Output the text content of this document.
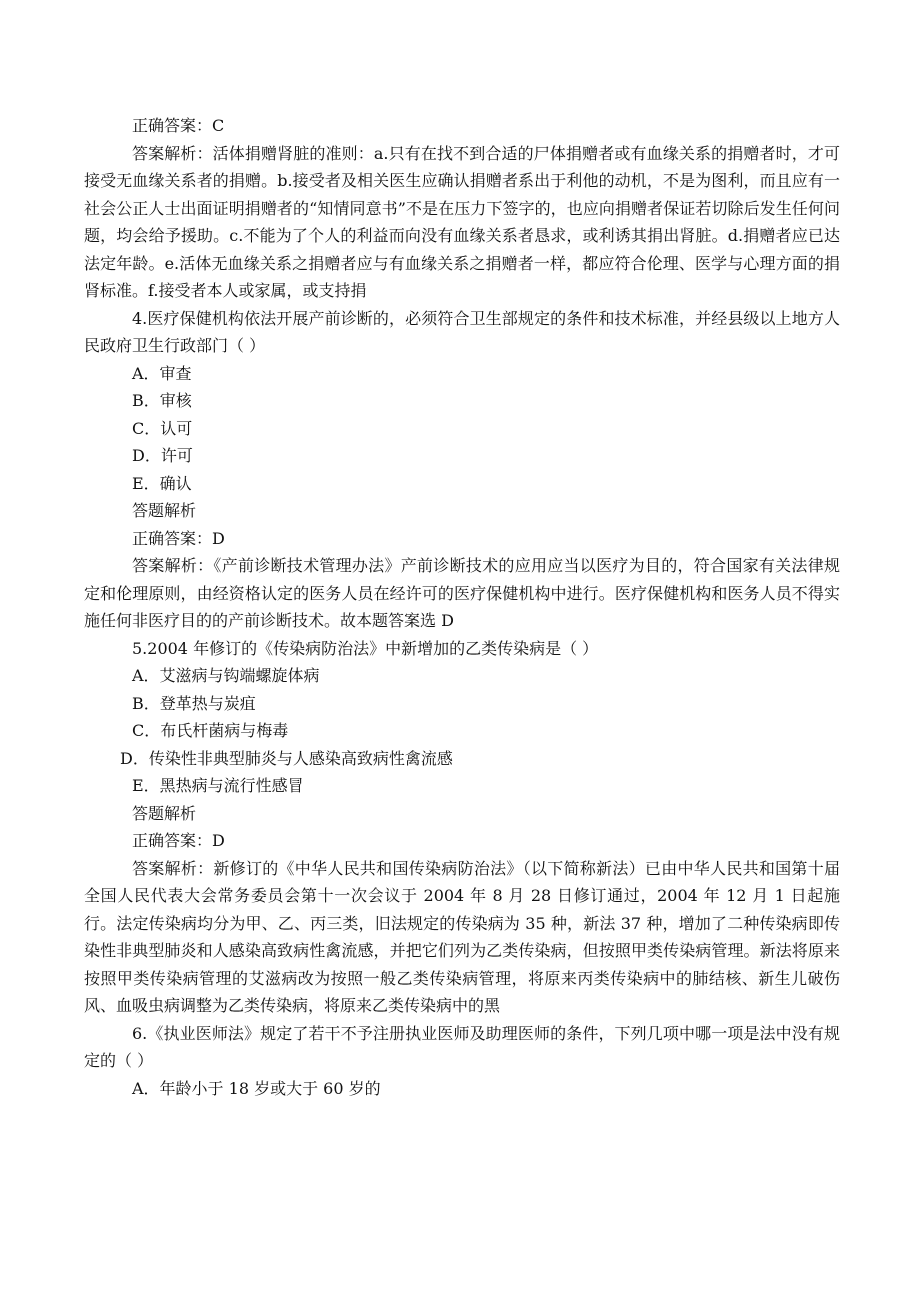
正确答案：C

答案解析：活体捐赠肾脏的准则：a.只有在找不到合适的尸体捐赠者或有血缘关系的捐赠者时，才可接受无血缘关系者的捐赠。b.接受者及相关医生应确认捐赠者系出于利他的动机，不是为图利，而且应有一社会公正人士出面证明捐赠者的“知情同意书”不是在压力下签字的，也应向捐赠者保证若切除后发生任何问题，均会给予援助。c.不能为了个人的利益而向没有血缘关系者恳求，或利诱其捐出肾脏。d.捐赠者应已达法定年龄。e.活体无血缘关系之捐赠者应与有血缘关系之捐赠者一样，都应符合伦理、医学与心理方面的捐肾标准。f.接受者本人或家属，或支持捐

4.医疗保健机构依法开展产前诊断的，必须符合卫生部规定的条件和技术标准，并经县级以上地方人民政府卫生行政部门（ ）

A．审查

B．审核

C．认可

D．许可

E．确认

答题解析

正确答案：D

答案解析：《产前诊断技术管理办法》产前诊断技术的应用应当以医疗为目的，符合国家有关法律规定和伦理原则，由经资格认定的医务人员在经许可的医疗保健机构中进行。医疗保健机构和医务人员不得实施任何非医疗目的的产前诊断技术。故本题答案选 D

5.2004 年修订的《传染病防治法》中新增加的乙类传染病是（ ）

A．艾滋病与钩端螺旋体病

B．登革热与炭疽

C．布氏杆菌病与梅毒

D．传染性非典型肺炎与人感染高致病性禽流感

E．黑热病与流行性感冒

答题解析

正确答案：D

答案解析：新修订的《中华人民共和国传染病防治法》（以下简称新法）已由中华人民共和国第十届全国人民代表大会常务委员会第十一次会议于 2004 年 8 月 28 日修订通过，2004 年 12 月 1 日起施行。法定传染病均分为甲、乙、丙三类，旧法规定的传染病为 35 种，新法 37 种，增加了二种传染病即传染性非典型肺炎和人感染高致病性禽流感，并把它们列为乙类传染病，但按照甲类传染病管理。新法将原来按照甲类传染病管理的艾滋病改为按照一般乙类传染病管理，将原来丙类传染病中的肺结核、新生儿破伤风、血吸虫病调整为乙类传染病，将原来乙类传染病中的黑

6.《执业医师法》规定了若干不予注册执业医师及助理医师的条件，下列几项中哪一项是法中没有规定的（ ）

A．年龄小于 18 岁或大于 60 岁的
